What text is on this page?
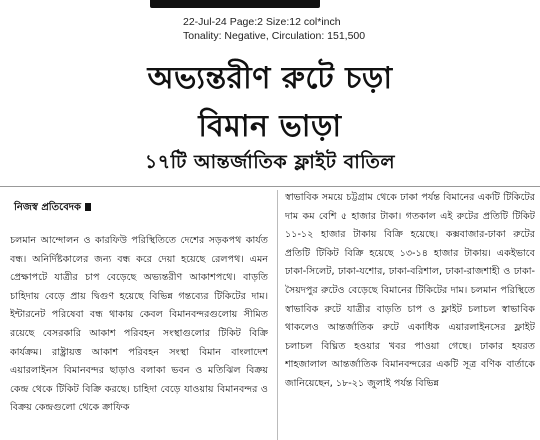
22-Jul-24 Page:2 Size:12 col*inch
Tonality: Negative, Circulation: 151,500
অভ্যন্তরীণ রুটে চড়া
বিমান ভাড়া
১৭টি আন্তর্জাতিক ফ্লাইট বাতিল
নিজস্ব প্রতিবেদক
চলমান আন্দোলন ও কারফিউ পরিস্থিতিতে দেশের সড়কপথ কার্যত বন্ধ। অনির্দিষ্টকালের জন্য বন্ধ করে দেয়া হয়েছে রেলপথ। এমন প্রেক্ষাপটে যাত্রীর চাপ বেড়েছে অভ্যন্তরীণ আকাশপথে। বাড়তি চাহিদায় বেড়ে প্রায় দ্বিগুণ হয়েছে বিভিন্ন গন্তব্যের টিকিটের দাম। ইন্টারনেট পরিষেবা বন্ধ থাকায় কেবল বিমানবন্দরগুলোয় সীমিত রয়েছে বেসরকারি আকাশ পরিবহন সংস্থাগুলোর টিকিট বিক্রি কার্যক্রম। রাষ্ট্রায়ত্ত আকাশ পরিবহন সংস্থা বিমান বাংলাদেশ এয়ারলাইনস বিমানবন্দর ছাড়াও বলাকা ভবন ও মতিঝিল বিক্রয় কেন্দ্র থেকে টিকিট বিক্রি করছে। চাহিদা বেড়ে যাওয়ায় বিমানবন্দর ও বিক্রয় কেন্দ্রগুলো থেকে ক্রাফিক
স্বাভাবিক সময়ে চট্টগ্রাম থেকে ঢাকা পর্যন্ত বিমানের একটি টিকিটের দাম কম বেশি ৫ হাজার টাকা। গতকাল এই রুটের প্রতিটি টিকিট ১১-১২ হাজার টাকায় বিক্রি হয়েছে। কক্সবাজার-ঢাকা রুটের প্রতিটি টিকিট বিক্রি হয়েছে ১৩-১৪ হাজার টাকায়। একইভাবে ঢাকা-সিলেট, ঢাকা-যশোর, ঢাকা-বরিশাল, ঢাকা-রাজশাহী ও ঢাকা-সৈয়দপুর রুটেও বেড়েছে বিমানের টিকিটের দাম। চলমান পরিস্থিতে স্বাভাবিক রুটে যাত্রীর বাড়তি চাপ ও ফ্লাইট চলাচল স্বাভাবিক থাকলেও আন্তর্জাতিক রুটে একাধিক এয়ারলাইনসের ফ্লাইট চলাচল বিঘ্নিত হওয়ার খবর পাওয়া গেছে। ঢাকার হযরত শাহজালাল আন্তর্জাতিক বিমানবন্দরের একটি সূত্র বণিক বার্তাকে জানিয়েছেন, ১৮-২১ জুলাই পর্যন্ত বিভিন্ন
